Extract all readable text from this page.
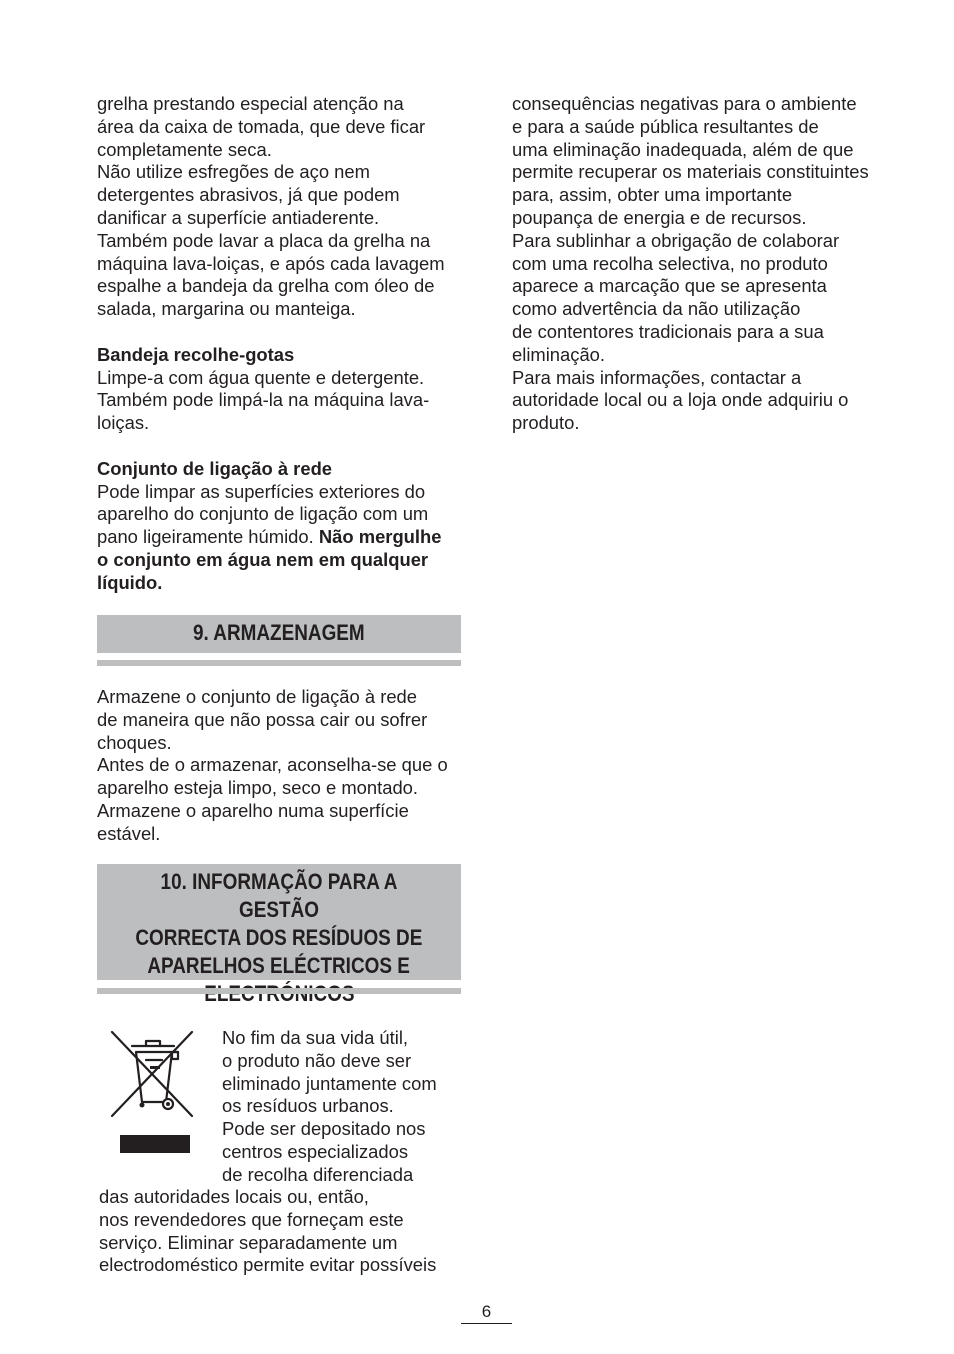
grelha prestando especial atenção na
área da caixa de tomada, que deve ficar
completamente seca.
Não utilize esfregões de aço nem
detergentes abrasivos, já que podem
danificar a superfície antiaderente.
Também pode lavar a placa da grelha na
máquina lava-loiças, e após cada lavagem
espalhe a bandeja da grelha com óleo de
salada, margarina ou manteiga.

Bandeja recolhe-gotas

Limpe-a com água quente e detergente.
Também pode limpá-la na máquina lava-
loiças.

Conjunto de ligação à rede

Pode limpar as superfícies exteriores do
aparelho do conjunto de ligação com um
pano ligeiramente húmido. Não mergulhe
o conjunto em água nem em qualquer
líquido.

9. ARMAZENAGEM

Armazene o conjunto de ligação à rede
de maneira que não possa cair ou sofrer
choques.
Antes de o armazenar, aconselha-se que o
aparelho esteja limpo, seco e montado.
Armazene o aparelho numa superfície
estável.

10. INFORMAÇÃO PARA A GESTÃO
CORRECTA DOS RESÍDUOS DE
APARELHOS ELÉCTRICOS E

No fim da sua vida útil,
o produto não deve ser
eliminado juntamente com
os resíduos urbanos.
Pode ser depositado nos
centros especializados
de recolha diferenciada

das autoridades locais ou, então,
nos revendedores que forneçam este
serviço. Eliminar separadamente um
electrodoméstico permite evitar possíveis

consequências negativas para o ambiente
e para a saúde pública resultantes de
uma eliminação inadequada, além de que
permite recuperar os materiais constituintes
para, assim, obter uma importante
poupança de energia e de recursos.
Para sublinhar a obrigação de colaborar
com uma recolha selectiva, no produto
aparece a marcação que se apresenta
como advertência da não utilização
de contentores tradicionais para a sua
eliminação.
Para mais informações, contactar a
autoridade local ou a loja onde adquiriu o
produto.

6
